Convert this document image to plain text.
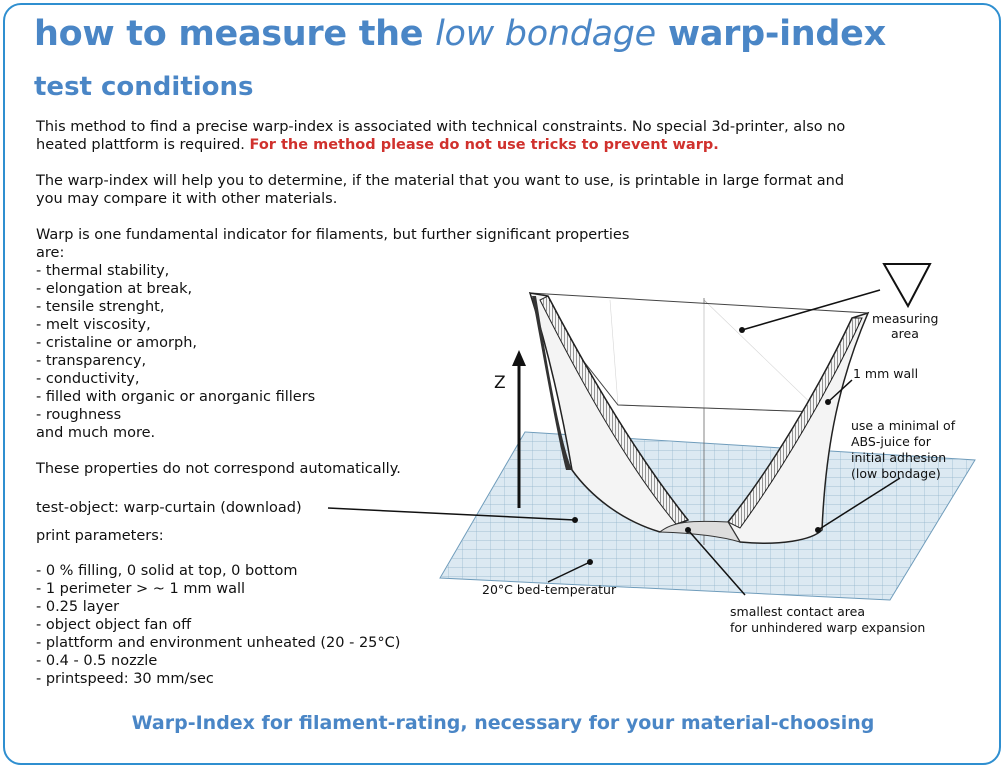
how to measure the low bondage warp-index
test conditions
This method to find a precise warp-index is associated with technical constraints. No special 3d-printer, also no
heated plattform is required. For the method please do not use tricks to prevent warp.
The warp-index will help you to determine, if the material that you want to use, is printable in large format and
you may compare it with other materials.
Warp is one fundamental indicator for filaments, but further significant properties
are:
- thermal stability,
- elongation at break,
- tensile strenght,
- melt viscosity,
- cristaline or amorph,
- transparency,
- conductivity,
- filled with organic or anorganic fillers
- roughness
and much more.
These properties do not correspond automatically.
test-object: warp-curtain (download)
print parameters:
- 0 % filling, 0 solid at top, 0 bottom
- 1 perimeter > ~ 1 mm wall
- 0.25 layer
- object object fan off
- plattform and environment unheated (20 - 25°C)
- 0.4 - 0.5 nozzle
- printspeed: 30 mm/sec
Z
measuring
area
1 mm wall
use a minimal of
ABS-juice for
initial adhesion
(low bondage)
20°C bed-temperatur
smallest contact area
for unhindered warp expansion
Warp-Index for filament-rating, necessary for your material-choosing
